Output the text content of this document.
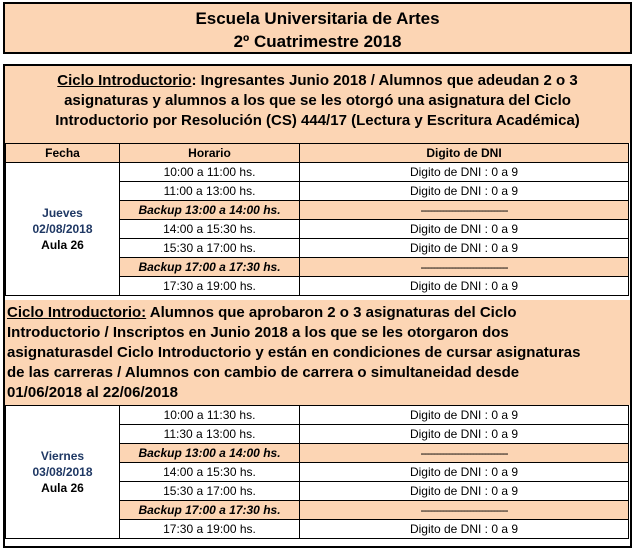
Escuela Universitaria de Artes
2º Cuatrimestre 2018
Ciclo Introductorio: Ingresantes Junio 2018 / Alumnos que adeudan 2 o 3
asignaturas y alumnos a los que se les otorgó una asignatura del Ciclo
Introductorio por Resolución (CS) 444/17 (Lectura y Escritura Académica)
Fecha	Horario	Digito de DNI

Jueves
02/08/2018
Aula 26	10:00 a 11:00 hs.	Digito de DNI : 0 a 9
	11:00 a 13:00 hs.	Digito de DNI : 0 a 9
	Backup 13:00 a 14:00 hs.	-----------------------------
	14:00 a 15:30 hs.	Digito de DNI : 0 a 9
	15:30 a 17:00 hs.	Digito de DNI : 0 a 9
	Backup 17:00 a 17:30 hs.	-----------------------------
	17:30 a 19:00 hs.	Digito de DNI : 0 a 9
Ciclo Introductorio: Alumnos que aprobaron 2 o 3 asignaturas del Ciclo
Introductorio / Inscriptos en Junio 2018 a los que se les otorgaron dos
asignaturasdel Ciclo Introductorio y están en condiciones de cursar asignaturas
de las carreras / Alumnos con cambio de carrera o simultaneidad desde
01/06/2018 al 22/06/2018
Viernes
03/08/2018
Aula 26	10:00 a 11:30 hs.	Digito de DNI : 0 a 9
	11:30 a 13:00 hs.	Digito de DNI : 0 a 9
	Backup 13:00 a 14:00 hs.	-----------------------------
	14:00 a 15:30 hs.	Digito de DNI : 0 a 9
	15:30 a 17:00 hs.	Digito de DNI : 0 a 9
	Backup 17:00 a 17:30 hs.	-----------------------------
	17:30 a 19:00 hs.	Digito de DNI : 0 a 9
